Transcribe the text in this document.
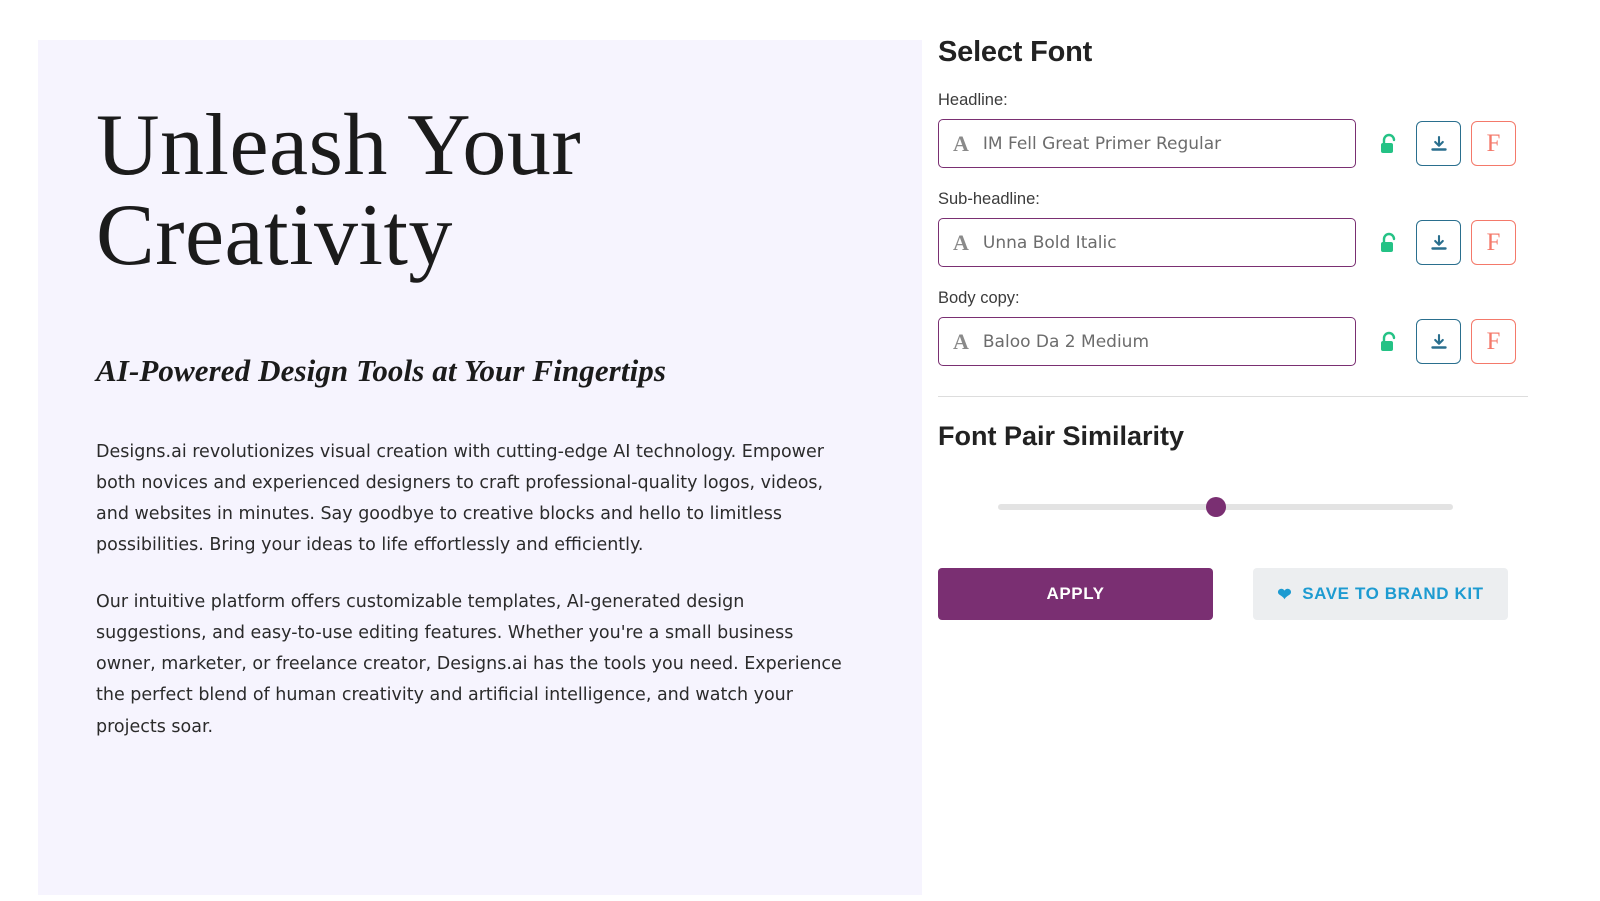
Unleash Your Creativity
AI-Powered Design Tools at Your Fingertips

Designs.ai revolutionizes visual creation with cutting-edge AI technology. Empower both novices and experienced designers to craft professional-quality logos, videos, and websites in minutes. Say goodbye to creative blocks and hello to limitless possibilities. Bring your ideas to life effortlessly and efficiently.

Our intuitive platform offers customizable templates, AI-generated design suggestions, and easy-to-use editing features. Whether you're a small business owner, marketer, or freelance creator, Designs.ai has the tools you need. Experience the perfect blend of human creativity and artificial intelligence, and watch your projects soar.

Select Font
Headline:
A IM Fell Great Primer Regular	F
Sub-headline:
A Unna Bold Italic	F
Body copy:
A Baloo Da 2 Medium	F
Font Pair Similarity
APPLY	❤ SAVE TO BRAND KIT
